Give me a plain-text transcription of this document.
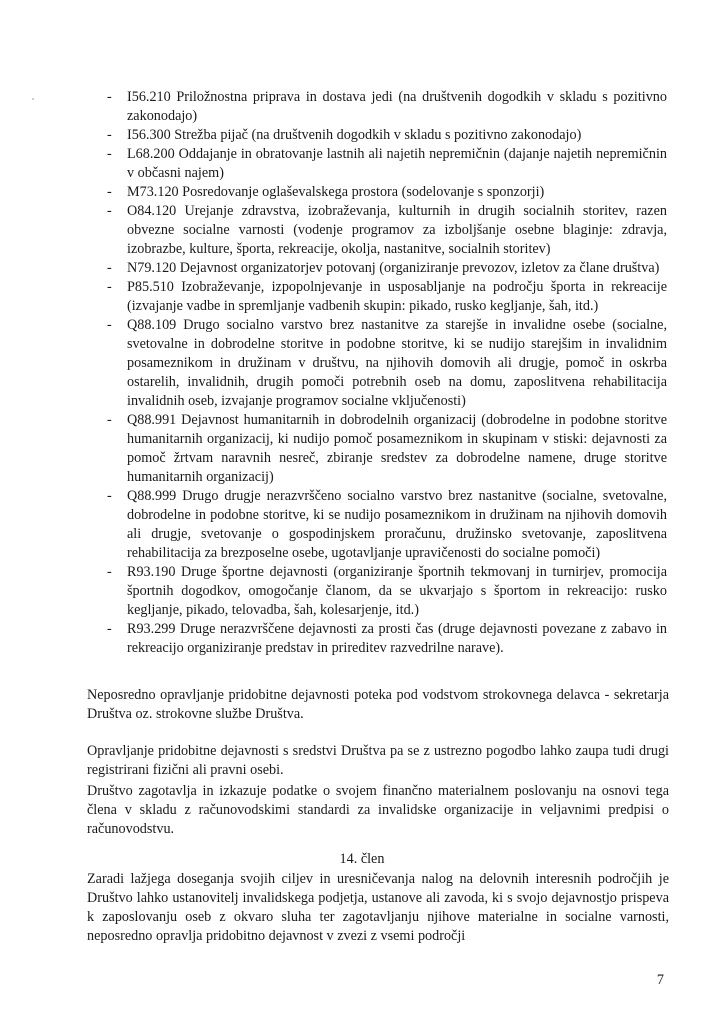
- I56.210 Priložnostna priprava in dostava jedi (na društvenih dogodkih v skladu s pozitivno zakonodajo)
- I56.300 Strežba pijač (na društvenih dogodkih v skladu s pozitivno zakonodajo)
- L68.200 Oddajanje in obratovanje lastnih ali najetih nepremičnin (dajanje najetih nepremičnin v občasni najem)
- M73.120 Posredovanje oglaševalskega prostora (sodelovanje s sponzorji)
- O84.120 Urejanje zdravstva, izobraževanja, kulturnih in drugih socialnih storitev, razen obvezne socialne varnosti (vodenje programov za izboljšanje osebne blaginje: zdravja, izobrazbe, kulture, športa, rekreacije, okolja, nastanitve, socialnih storitev)
- N79.120 Dejavnost organizatorjev potovanj (organiziranje prevozov, izletov za člane društva)
- P85.510 Izobraževanje, izpopolnjevanje in usposabljanje na področju športa in rekreacije (izvajanje vadbe in spremljanje vadbenih skupin: pikado, rusko kegljanje, šah, itd.)
- Q88.109 Drugo socialno varstvo brez nastanitve za starejše in invalidne osebe (socialne, svetovalne in dobrodelne storitve in podobne storitve, ki se nudijo starejšim in invalidnim posameznikom in družinam v društvu, na njihovih domovih ali drugje, pomoč in oskrba ostarelih, invalidnih, drugih pomoči potrebnih oseb na domu, zaposlitvena rehabilitacija invalidnih oseb, izvajanje programov socialne vključenosti)
- Q88.991 Dejavnost humanitarnih in dobrodelnih organizacij (dobrodelne in podobne storitve humanitarnih organizacij, ki nudijo pomoč posameznikom in skupinam v stiski: dejavnosti za pomoč žrtvam naravnih nesreč, zbiranje sredstev za dobrodelne namene, druge storitve humanitarnih organizacij)
- Q88.999 Drugo drugje nerazvrščeno socialno varstvo brez nastanitve (socialne, svetovalne, dobrodelne in podobne storitve, ki se nudijo posameznikom in družinam na njihovih domovih ali drugje, svetovanje o gospodinjskem proračunu, družinsko svetovanje, zaposlitvena rehabilitacija za brezposelne osebe, ugotavljanje upravičenosti do socialne pomoči)
- R93.190 Druge športne dejavnosti (organiziranje športnih tekmovanj in turnirjev, promocija športnih dogodkov, omogočanje članom, da se ukvarjajo s športom in rekreacijo: rusko kegljanje, pikado, telovadba, šah, kolesarjenje, itd.)
- R93.299 Druge nerazvrščene dejavnosti za prosti čas (druge dejavnosti povezane z zabavo in rekreacijo organiziranje predstav in prireditev razvedrilne narave).

Neposredno opravljanje pridobitne dejavnosti poteka pod vodstvom strokovnega delavca - sekretarja Društva oz. strokovne službe Društva.

Opravljanje pridobitne dejavnosti s sredstvi Društva pa se z ustrezno pogodbo lahko zaupa tudi drugi registrirani fizični ali pravni osebi.

Društvo zagotavlja in izkazuje podatke o svojem finančno materialnem poslovanju na osnovi tega člena v skladu z računovodskimi standardi za invalidske organizacije in veljavnimi predpisi o računovodstvu.

14. člen

Zaradi lažjega doseganja svojih ciljev in uresničevanja nalog na delovnih interesnih področjih je Društvo lahko ustanovitelj invalidskega podjetja, ustanove ali zavoda, ki s svojo dejavnostjo prispeva k zaposlovanju oseb z okvaro sluha ter zagotavljanju njihove materialne in socialne varnosti, neposredno opravlja pridobitno dejavnost v zvezi z vsemi področji

7
